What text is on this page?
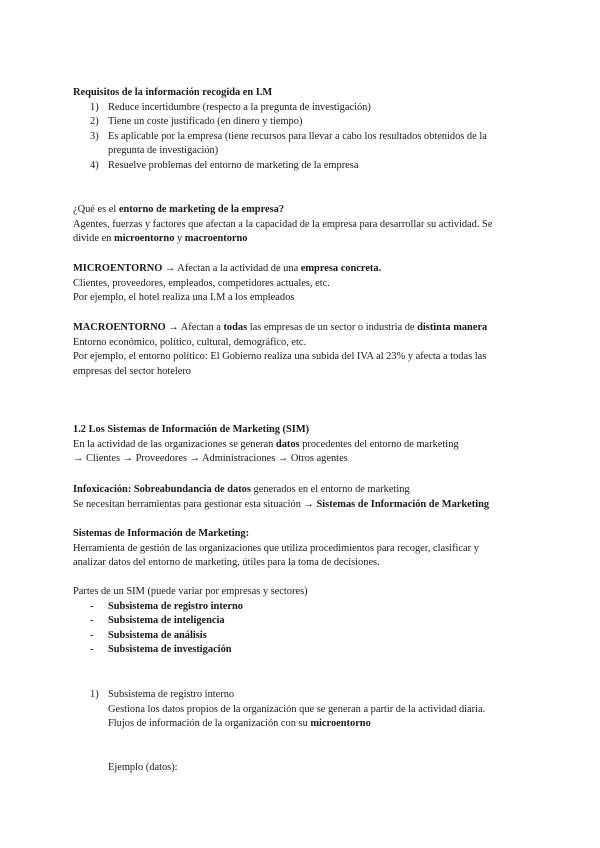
Requisitos de la información recogida en I.M
1) Reduce incertidumbre (respecto a la pregunta de investigación)
2) Tiene un coste justificado (en dinero y tiempo)
3) Es aplicable por la empresa (tiene recursos para llevar a cabo los resultados obtenidos de la
pregunta de investigación)
4) Resuelve problemas del entorno de marketing de la empresa
¿Qué es el entorno de marketing de la empresa?
Agentes, fuerzas y factores que afectan a la capacidad de la empresa para desarrollar su actividad. Se
divide en microentorno y macroentorno
MICROENTORNO → Afectan a la actividad de una empresa concreta.
Clientes, proveedores, empleados, competidores actuales, etc.
Por ejemplo, el hotel realiza una I.M a los empleados
MACROENTORNO → Afectan a todas las empresas de un sector o industria de distinta manera
Entorno económico, político, cultural, demográfico, etc.
Por ejemplo, el entorno político: El Gobierno realiza una subida del IVA al 23% y afecta a todas las
empresas del sector hotelero
1.2 Los Sistemas de Información de Marketing (SIM)
En la actividad de las organizaciones se generan datos procedentes del entorno de marketing
→ Clientes → Proveedores → Administraciones → Otros agentes
Infoxicación: Sobreabundancia de datos generados en el entorno de marketing
Se necesitan herramientas para gestionar esta situación → Sistemas de Información de Marketing
Sistemas de Información de Marketing:
Herramienta de gestión de las organizaciones que utiliza procedimientos para recoger, clasificar y
analizar datos del entorno de marketing, útiles para la toma de decisiones.
Partes de un SIM (puede variar por empresas y sectores)
- Subsistema de registro interno
- Subsistema de inteligencia
- Subsistema de análisis
- Subsistema de investigación
1) Subsistema de registro interno
Gestiona los datos propios de la organización que se generan a partir de la actividad diaria.
Flujos de información de la organización con su microentorno
Ejemplo (datos):
